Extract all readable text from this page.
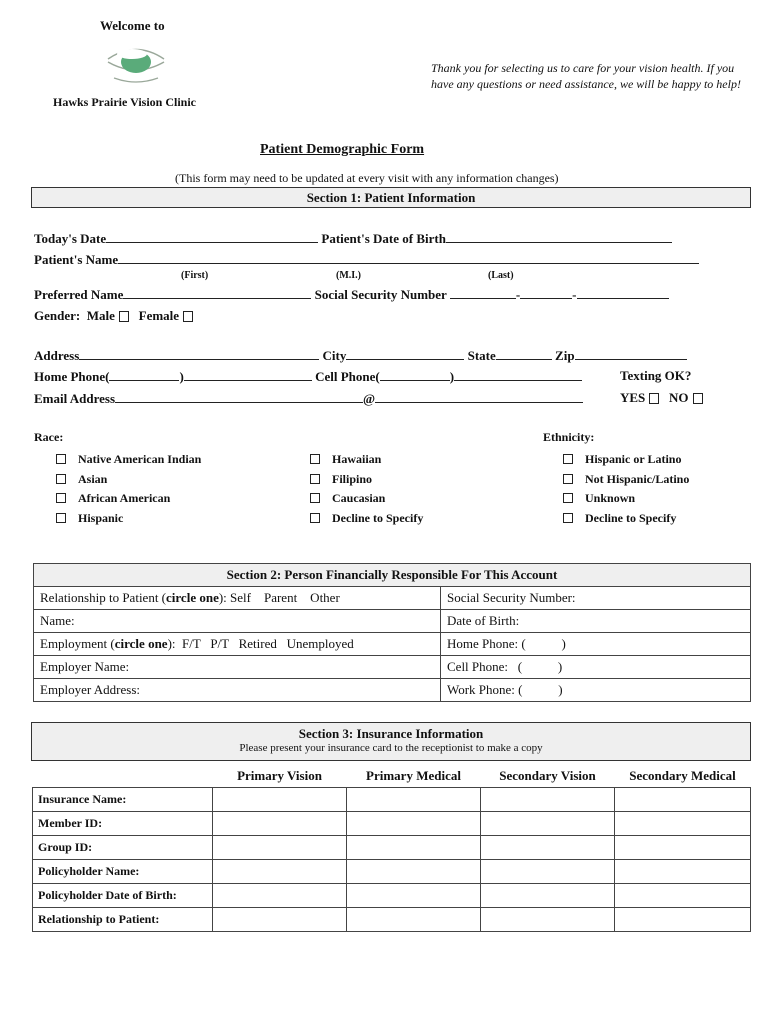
Welcome to
Hawks Prairie Vision Clinic
Thank you for selecting us to care for your vision health. If you
have any questions or need assistance, we will be happy to help!
Patient Demographic Form
(This form may need to be updated at every visit with any information changes)
Section 1: Patient Information
Today's Date	Patient's Date of Birth
Patient's Name
(First)	(M.I.)	(Last)
Preferred Name	Social Security Number	-	-
Gender: Male Female
Address	City	State	Zip
Home Phone(	)	Cell Phone(	)	Texting OK?
Email Address	@	YES NO
Race:	Ethnicity:
Native American Indian
Asian
African American
Hispanic
Hawaiian
Filipino
Caucasian
Decline to Specify
Hispanic or Latino
Not Hispanic/Latino
Unknown
Decline to Specify
Section 2: Person Financially Responsible For This Account	
Relationship to Patient (circle one): Self    Parent    Other	Social Security Number:
Name:	Date of Birth:
Employment (circle one):  F/T   P/T   Retired   Unemployed	Home Phone: (           )
Employer Name:	Cell Phone:   (           )
Employer Address:	Work Phone: (           )
Section 3: Insurance Information
Please present your insurance card to the receptionist to make a copy
	Primary Vision	Primary Medical	Secondary Vision	Secondary Medical
Insurance Name:				
Member ID:				
Group ID:				
Policyholder Name:				
Policyholder Date of Birth:				
Relationship to Patient:				
